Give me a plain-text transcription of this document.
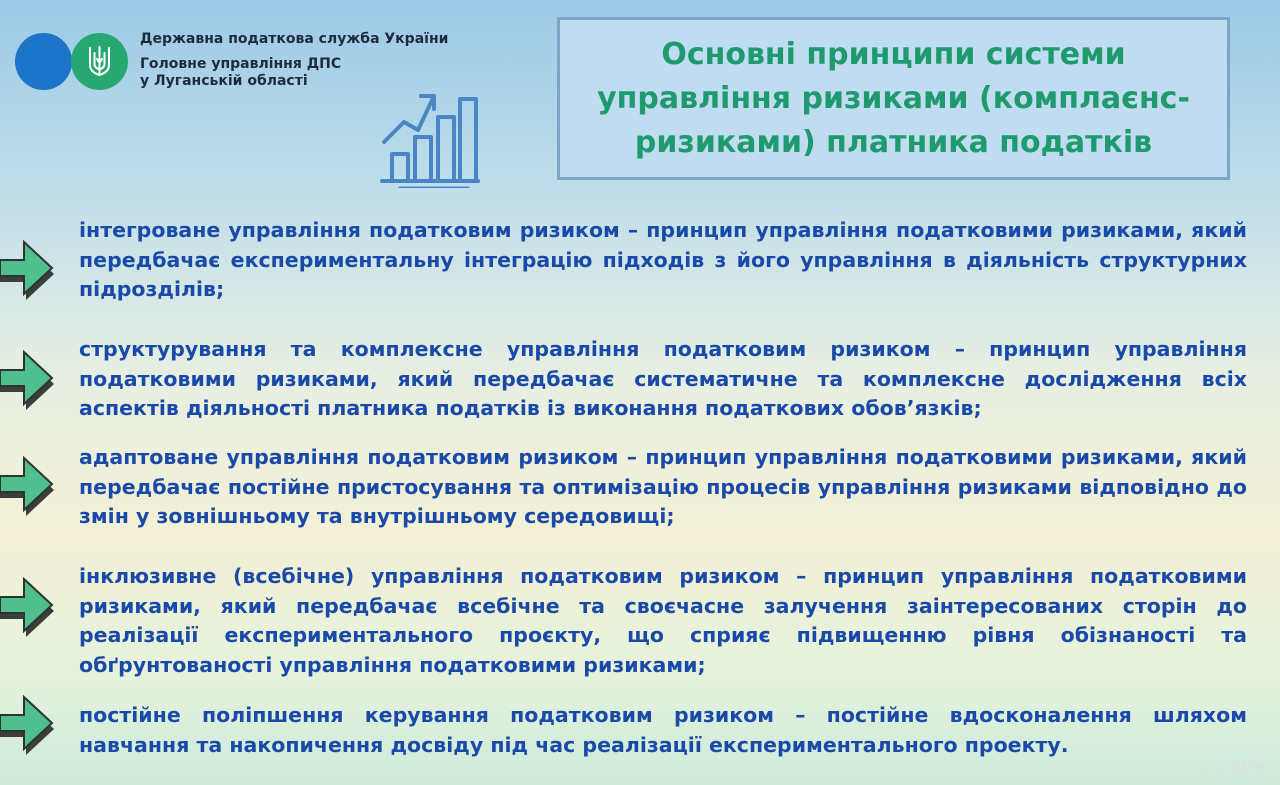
Державна податкова служба України
Головне управління ДПС
у Луганській області
Основні принципи системи управління ризиками (комплаєнс-ризиками) платника податків

інтегроване управління податковим ризиком – принцип управління податковими ризиками, який передбачає експериментальну інтеграцію підходів з його управління в діяльність структурних підрозділів;

структурування та комплексне управління податковим ризиком – принцип управління податковими ризиками, який передбачає систематичне та комплексне дослідження всіх аспектів діяльності платника податків із виконання податкових обов’язків;

адаптоване управління податковим ризиком – принцип управління податковими ризиками, який передбачає постійне пристосування та оптимізацію процесів управління ризиками відповідно до змін у зовнішньому та внутрішньому середовищі;

інклюзивне (всебічне) управління податковим ризиком – принцип управління податковими ризиками, який передбачає всебічне та своєчасне залучення заінтересованих сторін до реалізації експериментального проєкту, що сприяє підвищенню рівня обізнаності та обґрунтованості управління податковими ризиками;

постійне поліпшення керування податковим ризиком – постійне вдосконалення шляхом навчання та накопичення досвіду під час реалізації експериментального проекту.

© xmple
